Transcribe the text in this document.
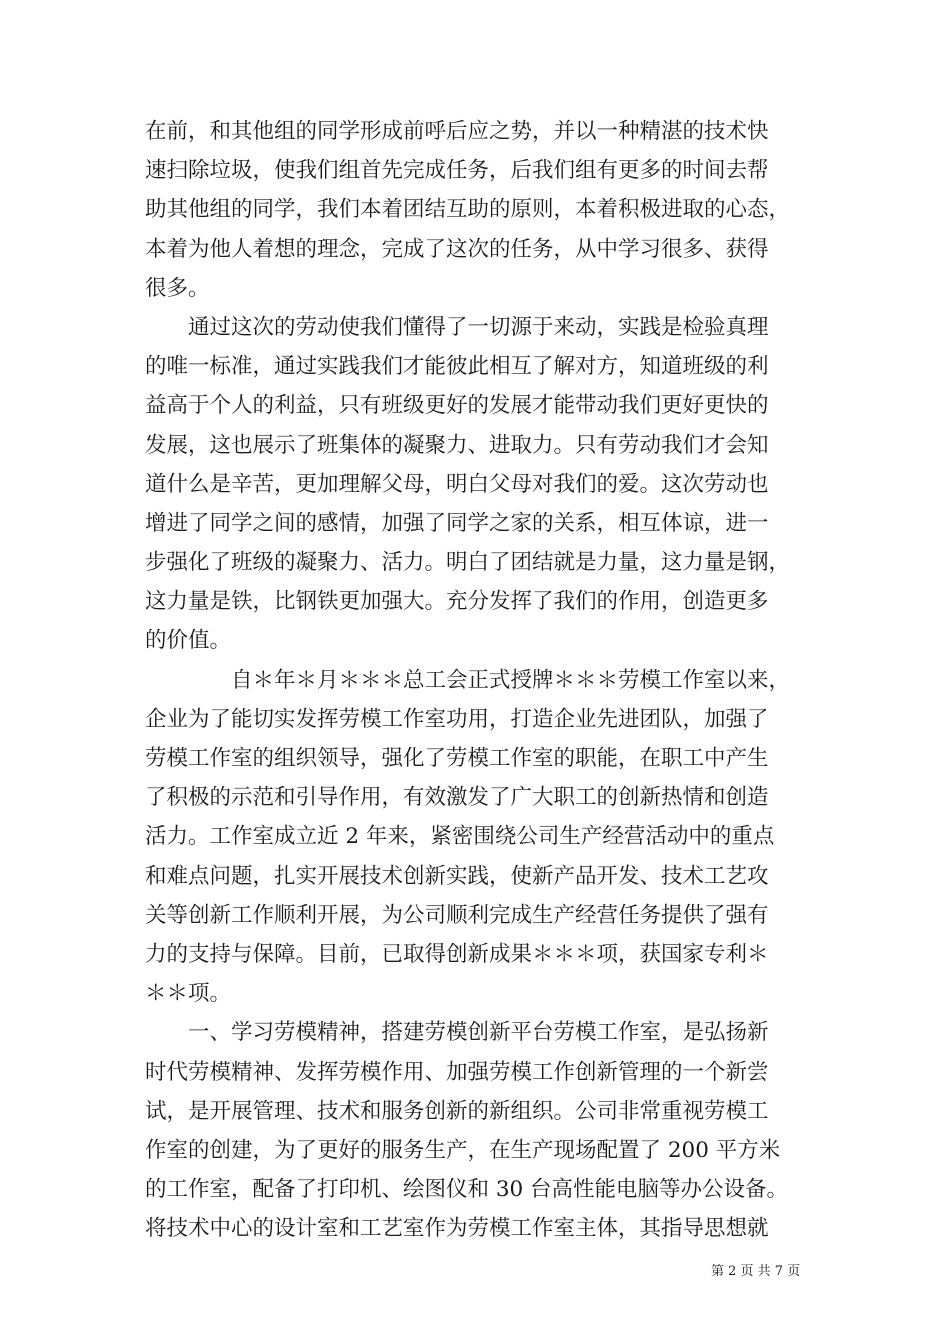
在前，和其他组的同学形成前呼后应之势，并以一种精湛的技术快
速扫除垃圾，使我们组首先完成任务，后我们组有更多的时间去帮
助其他组的同学，我们本着团结互助的原则，本着积极进取的心态，
本着为他人着想的理念，完成了这次的任务，从中学习很多、获得
很多。
　　通过这次的劳动使我们懂得了一切源于来动，实践是检验真理
的唯一标准，通过实践我们才能彼此相互了解对方，知道班级的利
益高于个人的利益，只有班级更好的发展才能带动我们更好更快的
发展，这也展示了班集体的凝聚力、进取力。只有劳动我们才会知
道什么是辛苦，更加理解父母，明白父母对我们的爱。这次劳动也
增进了同学之间的感情，加强了同学之家的关系，相互体谅，进一
步强化了班级的凝聚力、活力。明白了团结就是力量，这力量是钢，
这力量是铁，比钢铁更加强大。充分发挥了我们的作用，创造更多
的价值。
　　　　自＊年＊月＊＊＊总工会正式授牌＊＊＊劳模工作室以来，
企业为了能切实发挥劳模工作室功用，打造企业先进团队，加强了
劳模工作室的组织领导，强化了劳模工作室的职能，在职工中产生
了积极的示范和引导作用，有效激发了广大职工的创新热情和创造
活力。工作室成立近 2 年来，紧密围绕公司生产经营活动中的重点
和难点问题，扎实开展技术创新实践，使新产品开发、技术工艺攻
关等创新工作顺利开展，为公司顺利完成生产经营任务提供了强有
力的支持与保障。目前，已取得创新成果＊＊＊项，获国家专利＊
＊＊项。
　　一、学习劳模精神，搭建劳模创新平台劳模工作室，是弘扬新
时代劳模精神、发挥劳模作用、加强劳模工作创新管理的一个新尝
试，是开展管理、技术和服务创新的新组织。公司非常重视劳模工
作室的创建，为了更好的服务生产，在生产现场配置了 200 平方米
的工作室，配备了打印机、绘图仪和 30 台高性能电脑等办公设备。
将技术中心的设计室和工艺室作为劳模工作室主体，其指导思想就
第 2 页 共 7 页
